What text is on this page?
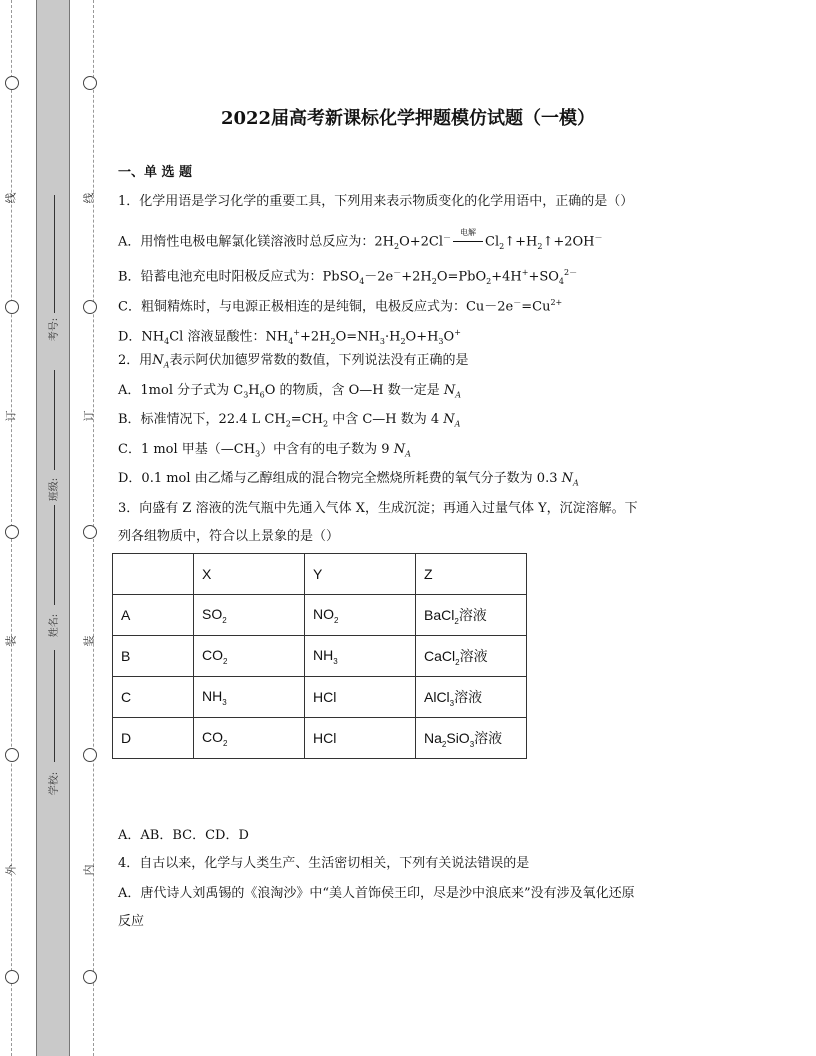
线
订
装
外
线
订
装
内
考号:
班级:
姓名:
学校:
2022届高考新课标化学押题模仿试题（一模）
一、单 选 题
1．化学用语是学习化学的重要工具，下列用来表示物质变化的化学用语中，正确的是（）
A．用惰性电极电解氯化镁溶液时总反应为：$2H_2O+2Cl^-$
电解
$Cl_2↑+H_2↑+2OH^-$
B．铅蓄电池充电时阳极反应式为：$PbSO_4-2e^-+2H_2O=PbO_2+4H^++SO_4^{2-}$
C．粗铜精炼时，与电源正极相连的是纯铜，电极反应式为：$Cu-2e^-=Cu^{2+}$
D．$NH_4Cl$ 溶液显酸性：$NH_4^++2H_2O=NH_3\cdot H_2O+H_3O^+$
2．用$N_A$表示阿伏加德罗常数的数值，下列说法没有正确的是
A．1mol 分子式为 $C_3H_6O$ 的物质，含 O—H 数一定是 $N_A$
B．标准情况下，22.4 L $CH_2=CH_2$ 中含 C—H 数为 4 $N_A$
C．1 mol 甲基$(—CH_3)$中含有的电子数为 9 $N_A$
D．0.1 mol 由乙烯与乙醇组成的混合物完全燃烧所耗费的氧气分子数为 0.3 $N_A$
3．向盛有 Z 溶液的洗气瓶中先通入气体 X，生成沉淀；再通入过量气体 Y，沉淀溶解。下
列各组物质中，符合以上景象的是（）
	X	Y	Z
A	$SO_2$	$NO_2$	BaCl$_2$溶液
B	$CO_2$	$NH_3$	CaCl$_2$溶液
C	$NH_3$	HCl	AlCl$_3$溶液
D	$CO_2$	HCl	$Na_2SiO_3$溶液
A．AB．BC．CD．D
4．自古以来，化学与人类生产、生活密切相关，下列有关说法错误的是
A．唐代诗人刘禹锡的《浪淘沙》中“美人首饰侯王印，尽是沙中浪底来”没有涉及氧化还原
反应
